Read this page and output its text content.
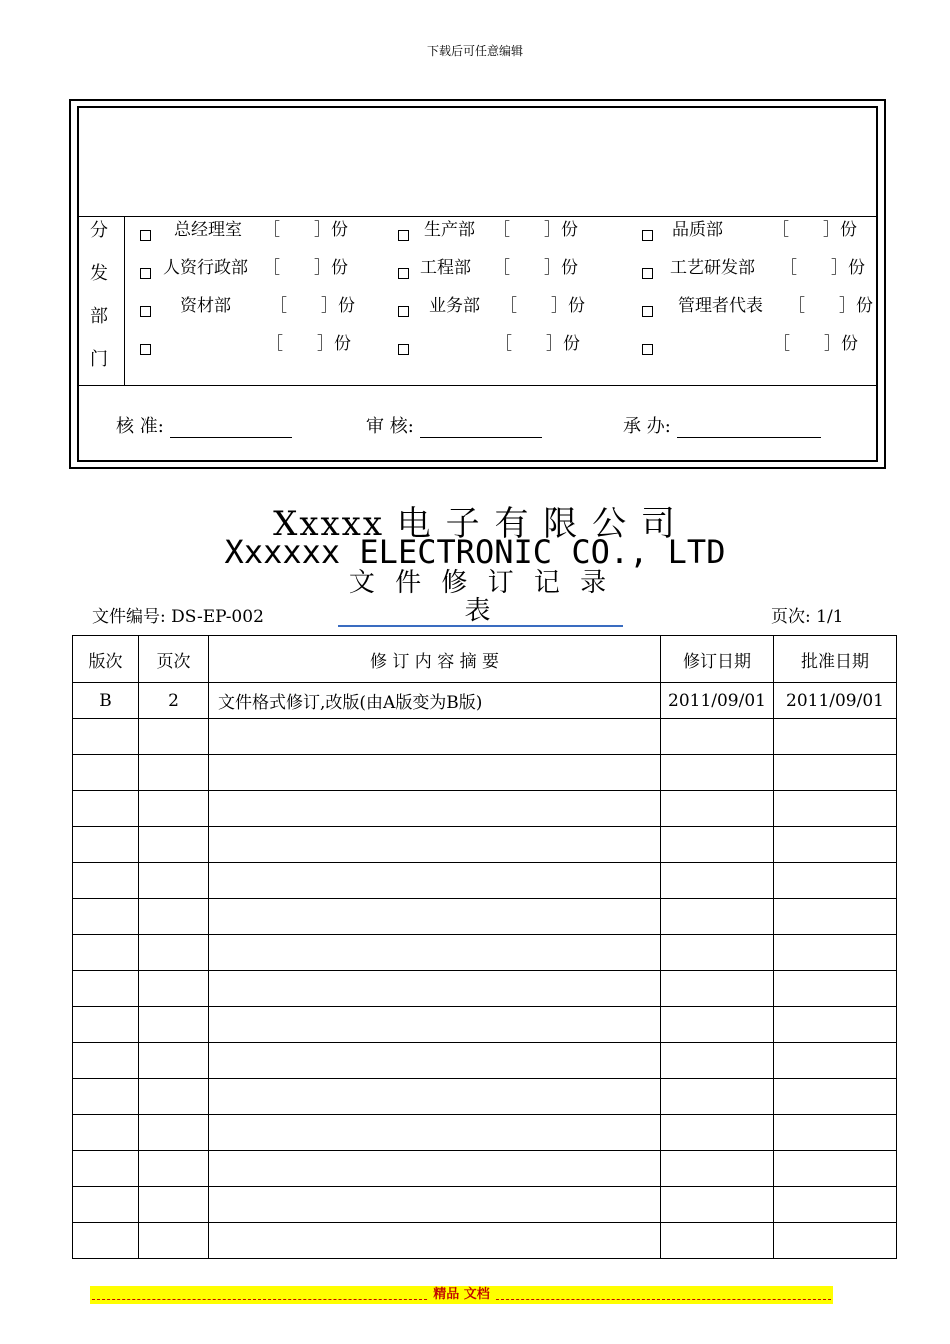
下载后可任意编辑
分
发
部
门
总经理室 ［　　］份	生产部 ［　　］份	品质部	［　　］份
人资行政部 ［　　］份	工程部 ［　　］份	工艺研发部 ［　　］份
资材部 ［　　］份	业务部 ［　　］份	管理者代表 ［　　］份
［　　］份	［　　］份	［　　］份
核 准:	审 核:	承 办:
Xxxxx 电 子 有 限 公 司
Xxxxxx ELECTRONIC CO., LTD
文 件 修 订 记 录 表
文件编号: DS-EP-002	页次: 1/1
版次	页次	修 订 内 容 摘 要	修订日期	批准日期
B	2	文件格式修订,改版(由A版变为B版)	2011/09/01	2011/09/01

精品 文档
